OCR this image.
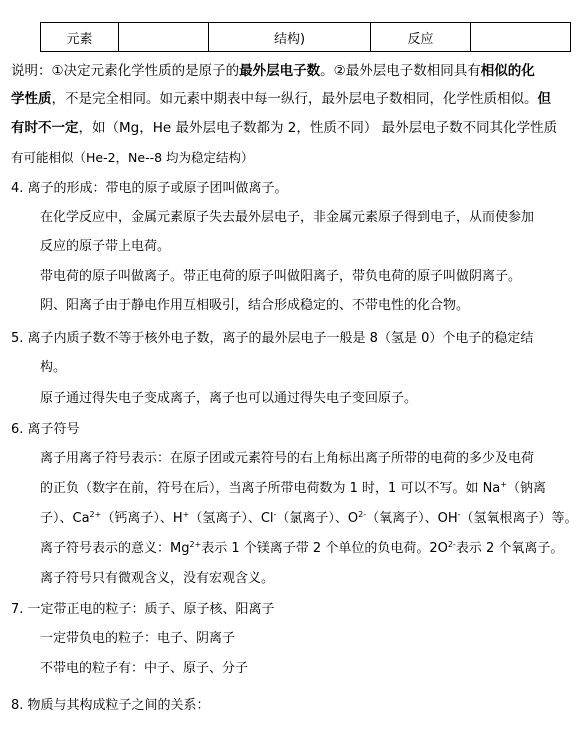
元素		结构)	反应	
说明：①决定元素化学性质的是原子的最外层电子数。②最外层电子数相同具有相似的化
学性质，不是完全相同。如元素中期表中每一纵行，最外层电子数相同，化学性质相似。但
有时不一定，如（Mg，He 最外层电子数都为 2，性质不同） 最外层电子数不同其化学性质
有可能相似（He-2，Ne--8 均为稳定结构）
4. 离子的形成：带电的原子或原子团叫做离子。
在化学反应中，金属元素原子失去最外层电子，非金属元素原子得到电子，从而使参加
反应的原子带上电荷。
带电荷的原子叫做离子。带正电荷的原子叫做阳离子，带负电荷的原子叫做阴离子。
阴、阳离子由于静电作用互相吸引，结合形成稳定的、不带电性的化合物。
5. 离子内质子数不等于核外电子数，离子的最外层电子一般是 8（氢是 0）个电子的稳定结
构。
原子通过得失电子变成离子，离子也可以通过得失电子变回原子。
6. 离子符号
离子用离子符号表示：在原子团或元素符号的右上角标出离子所带的电荷的多少及电荷
的正负（数字在前，符号在后），当离子所带电荷数为 1 时，1 可以不写。如 Na+（钠离
子）、$Ca^{2+}$（钙离子）、H+（氢离子）、Cl-（氯离子）、$O^{2-}$（氧离子）、OH-（氢氧根离子）等。
离子符号表示的意义：$Mg^{2+}$表示 1 个镁离子带 2 个单位的负电荷。$2O^{2-}$表示 2 个氧离子。
离子符号只有微观含义，没有宏观含义。
7. 一定带正电的粒子：质子、原子核、阳离子
一定带负电的粒子：电子、阴离子
不带电的粒子有：中子、原子、分子
8. 物质与其构成粒子之间的关系：
